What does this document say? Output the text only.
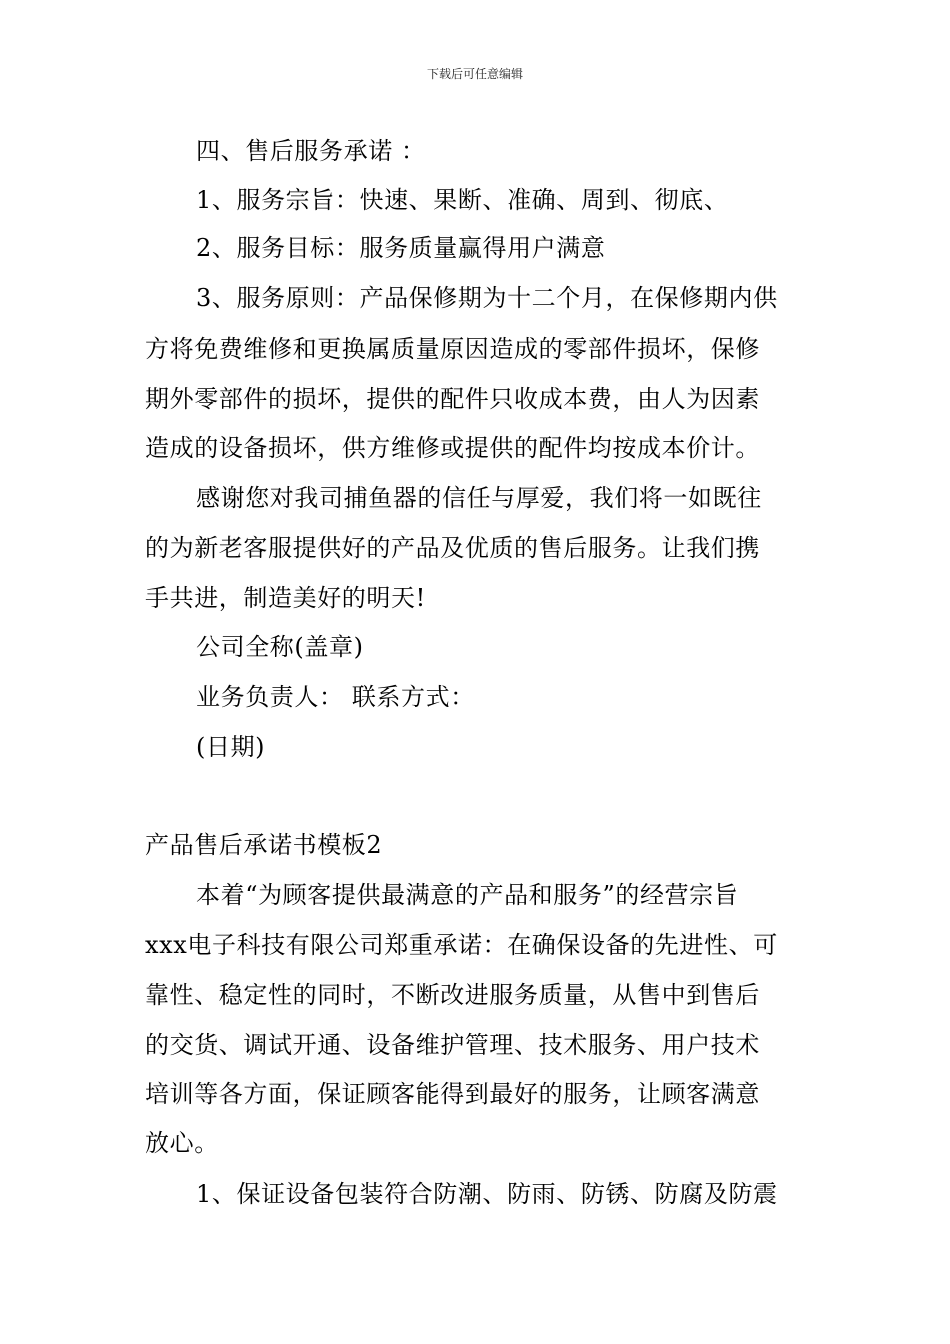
下载后可任意编辑
四、售后服务承诺 ：
1、服务宗旨：快速、果断、准确、周到、彻底、
2、服务目标：服务质量赢得用户满意
3、服务原则：产品保修期为十二个月，在保修期内供
方将免费维修和更换属质量原因造成的零部件损坏，保修
期外零部件的损坏，提供的配件只收成本费，由人为因素
造成的设备损坏，供方维修或提供的配件均按成本价计。
感谢您对我司捕鱼器的信任与厚爱，我们将一如既往
的为新老客服提供好的产品及优质的售后服务。让我们携
手共进，制造美好的明天!
公司全称(盖章)
业务负责人： 联系方式：
(日期)
产品售后承诺书模板2
本着“为顾客提供最满意的产品和服务”的经营宗旨
xxx电子科技有限公司郑重承诺：在确保设备的先进性、可
靠性、稳定性的同时，不断改进服务质量，从售中到售后
的交货、调试开通、设备维护管理、技术服务、用户技术
培训等各方面，保证顾客能得到最好的服务，让顾客满意
放心。
1、保证设备包装符合防潮、防雨、防锈、防腐及防震
